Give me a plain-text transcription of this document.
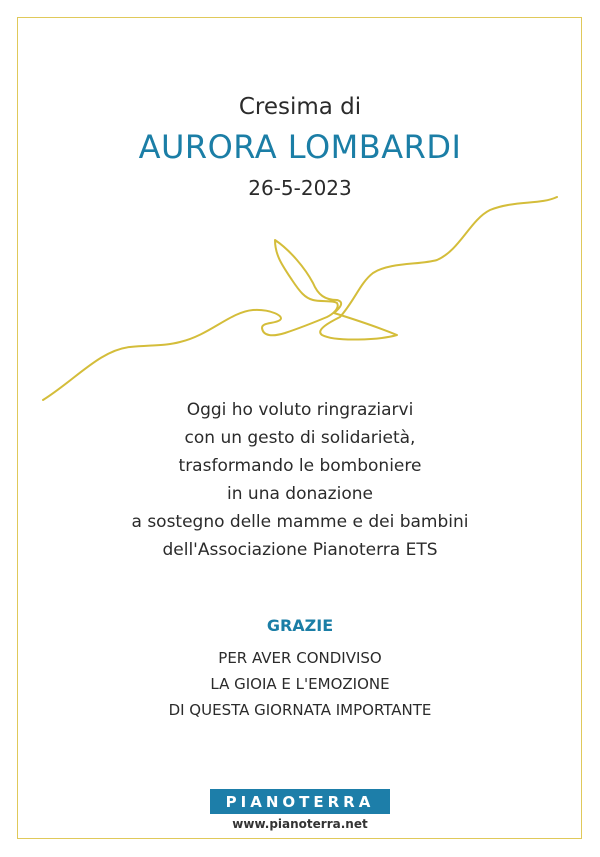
Cresima di
AURORA LOMBARDI
26-5-2023
Oggi ho voluto ringraziarvi
con un gesto di solidarietà,
trasformando le bomboniere
in una donazione
a sostegno delle mamme e dei bambini
dell'Associazione Pianoterra ETS
GRAZIE
PER AVER CONDIVISO
LA GIOIA E L'EMOZIONE
DI QUESTA GIORNATA IMPORTANTE
PIANOTERRA
www.pianoterra.net
